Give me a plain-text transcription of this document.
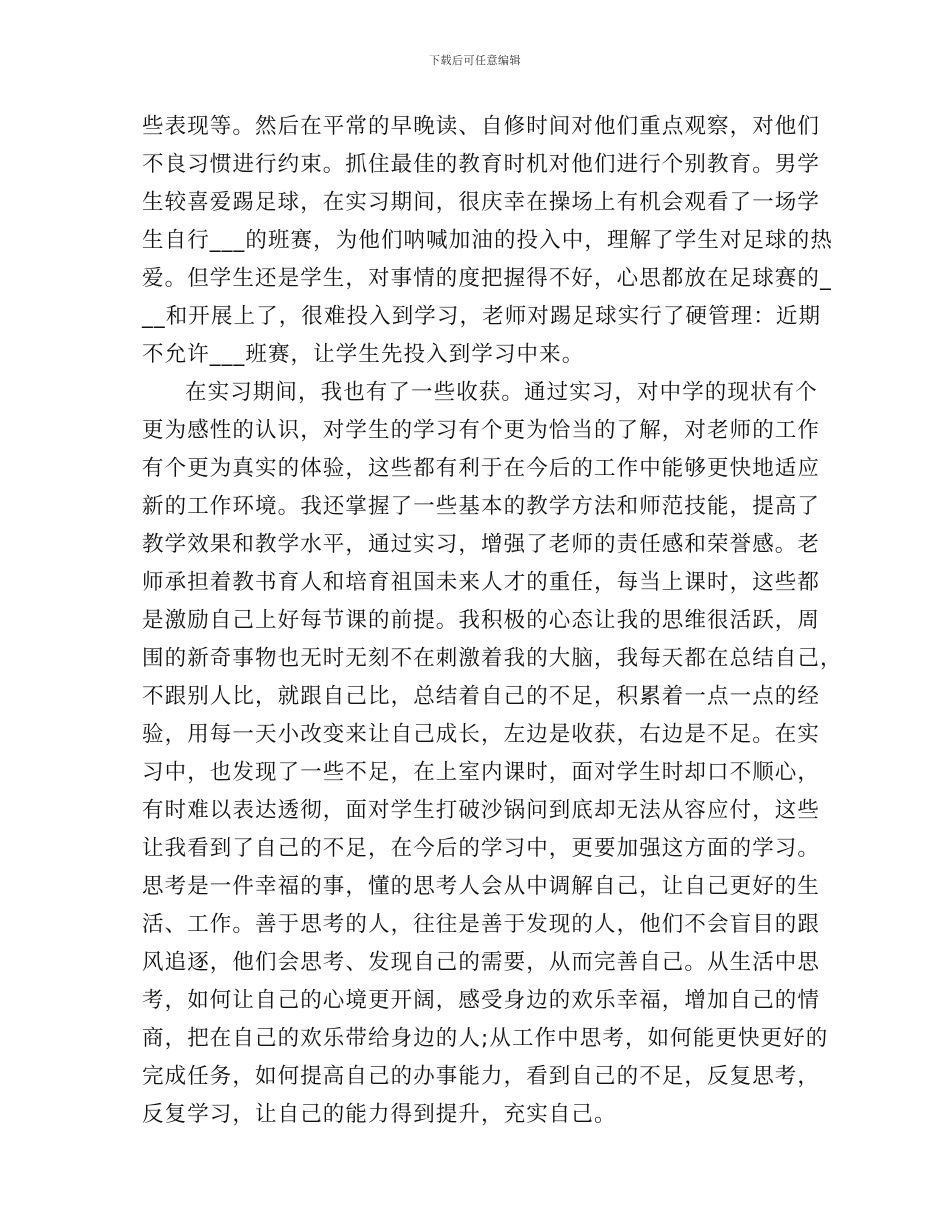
下载后可任意编辑
些表现等。然后在平常的早晚读、自修时间对他们重点观察，对他们
不良习惯进行约束。抓住最佳的教育时机对他们进行个别教育。男学
生较喜爱踢足球，在实习期间，很庆幸在操场上有机会观看了一场学
生自行___的班赛，为他们呐喊加油的投入中，理解了学生对足球的热
爱。但学生还是学生，对事情的度把握得不好，心思都放在足球赛的_
__和开展上了，很难投入到学习，老师对踢足球实行了硬管理：近期
不允许___班赛，让学生先投入到学习中来。
在实习期间，我也有了一些收获。通过实习，对中学的现状有个
更为感性的认识，对学生的学习有个更为恰当的了解，对老师的工作
有个更为真实的体验，这些都有利于在今后的工作中能够更快地适应
新的工作环境。我还掌握了一些基本的教学方法和师范技能，提高了
教学效果和教学水平，通过实习，增强了老师的责任感和荣誉感。老
师承担着教书育人和培育祖国未来人才的重任，每当上课时，这些都
是激励自己上好每节课的前提。我积极的心态让我的思维很活跃，周
围的新奇事物也无时无刻不在刺激着我的大脑，我每天都在总结自己，
不跟别人比，就跟自己比，总结着自己的不足，积累着一点一点的经
验，用每一天小改变来让自己成长，左边是收获，右边是不足。在实
习中，也发现了一些不足，在上室内课时，面对学生时却口不顺心，
有时难以表达透彻，面对学生打破沙锅问到底却无法从容应付，这些
让我看到了自己的不足，在今后的学习中，更要加强这方面的学习。
思考是一件幸福的事，懂的思考人会从中调解自己，让自己更好的生
活、工作。善于思考的人，往往是善于发现的人，他们不会盲目的跟
风追逐，他们会思考、发现自己的需要，从而完善自己。从生活中思
考，如何让自己的心境更开阔，感受身边的欢乐幸福，增加自己的情
商，把在自己的欢乐带给身边的人;从工作中思考，如何能更快更好的
完成任务，如何提高自己的办事能力，看到自己的不足，反复思考，
反复学习，让自己的能力得到提升，充实自己。
